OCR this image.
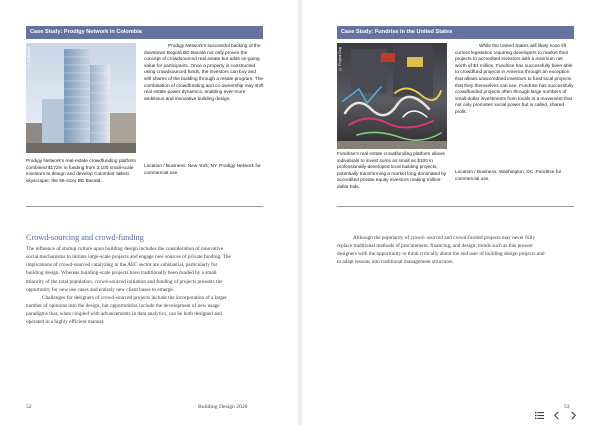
Case Study: Prodigy Network in Colombia
© El Bacata

Prodigy Network’s successful backing of the downtown Bogotá BD Bacatá not only proves the concept of crowdsourced real estate but adds on-going value for participants. Once a property is constructed using crowdsourced funds, the investors can buy and sell shares of the building through a resale program. The combination of crowdfunding and co-ownership may shift real estate power dynamics, enabling ever-more ambitious and innovative building design.

Location / Business: New York, NY. Prodigy Network for commercial use.

Prodigy Network’s real-estate crowdfunding platform combined $172m in funding from 3,100 small-scale investors to design and develop Colombia’ tallest skyscraper, the 66-story BD Bacatá.

Crowd-sourcing and crowd-funding

The influence of startup culture upon building design includes the consideration of innovative social mechanisms to initiate large-scale projects and engage new sources of private funding. The implications of crowd-sourced catalyzing in the AEC sector are substantial, particularly for building design. Whereas building-scale projects have traditionally been funded by a small minority of the total population, crowd-sourced initiation and funding of projects presents the opportunity for new use cases and entirely new client bases to emerge.

Challenges for designers of crowd-sourced projects include the incorporation of a larger number of opinions into the design, but opportunities include the development of new usage paradigms that, when coupled with advancements in data analytics, can be both designed and operated in a highly efficient manner.

52	Building Design 2020

Case Study: Fundrise in the United States
© Project Dog

While the United States will likely soon lift current legislation requiring developers to market their projects to accredited investors with a minimum net worth of $1 million, Fundrise has successfully been able to crowdfund projects in America through an exception that allows unaccredited investors to fund local projects that they themselves can use. Fundrise has successfully crowdfunded projects often through large numbers of small-dollar investments from locals in a movement that not only promotes social power but is called, shared profit.

Location / Business: Washington, DC. Fundrise for commercial use.

Fundrise’s real estate crowdfunding platform allows individuals to invest sums as small as $100 in professionally-developed local building projects, potentially transforming a market long-dominated by accredited private equity investors making million-dollar bids.

Although the popularity of crowd- sourced and crowd-funded projects may never fully replace traditional methods of procurement, financing, and design, trends such as this present designers with the opportunity to think critically about the end user of building design projects and to adapt lessons into traditional management structures.

53
